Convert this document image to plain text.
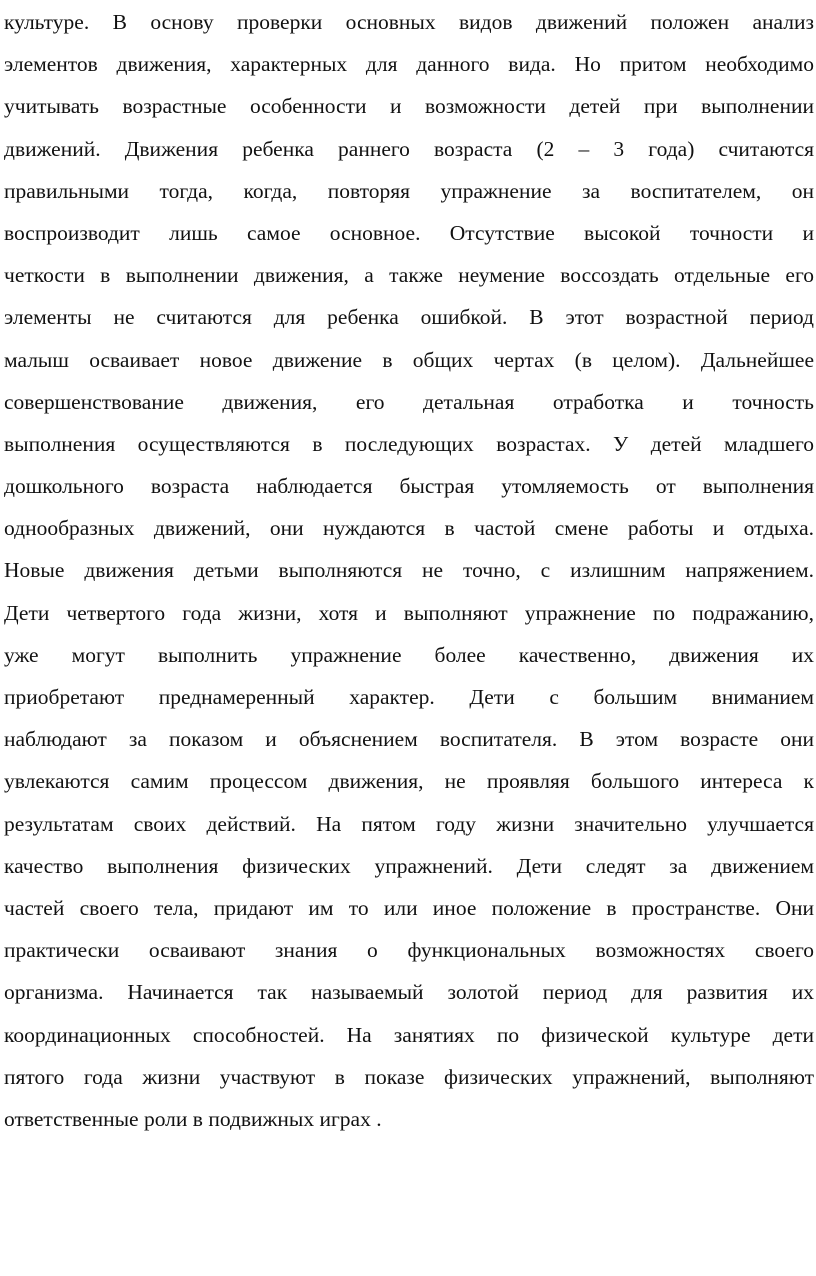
культуре. В основу проверки основных видов движений положен анализ
элементов движения, характерных для данного вида. Но притом необходимо
учитывать возрастные особенности и возможности детей при выполнении
движений. Движения ребенка раннего возраста (2 – 3 года) считаются
правильными тогда, когда, повторяя упражнение за воспитателем, он
воспроизводит лишь самое основное. Отсутствие высокой точности и
четкости в выполнении движения, а также неумение воссоздать отдельные его
элементы не считаются для ребенка ошибкой. В этот возрастной период
малыш осваивает новое движение в общих чертах (в целом). Дальнейшее
совершенствование движения, его детальная отработка и точность
выполнения осуществляются в последующих возрастах. У детей младшего
дошкольного возраста наблюдается быстрая утомляемость от выполнения
однообразных движений, они нуждаются в частой смене работы и отдыха.
Новые движения детьми выполняются не точно, с излишним напряжением.
Дети четвертого года жизни, хотя и выполняют упражнение по подражанию,
уже могут выполнить упражнение более качественно, движения их
приобретают преднамеренный характер. Дети с большим вниманием
наблюдают за показом и объяснением воспитателя. В этом возрасте они
увлекаются самим процессом движения, не проявляя большого интереса к
результатам своих действий. На пятом году жизни значительно улучшается
качество выполнения физических упражнений. Дети следят за движением
частей своего тела, придают им то или иное положение в пространстве. Они
практически осваивают знания о функциональных возможностях своего
организма. Начинается так называемый золотой период для развития их
координационных способностей. На занятиях по физической культуре дети
пятого года жизни участвуют в показе физических упражнений, выполняют
ответственные роли в подвижных играх .
